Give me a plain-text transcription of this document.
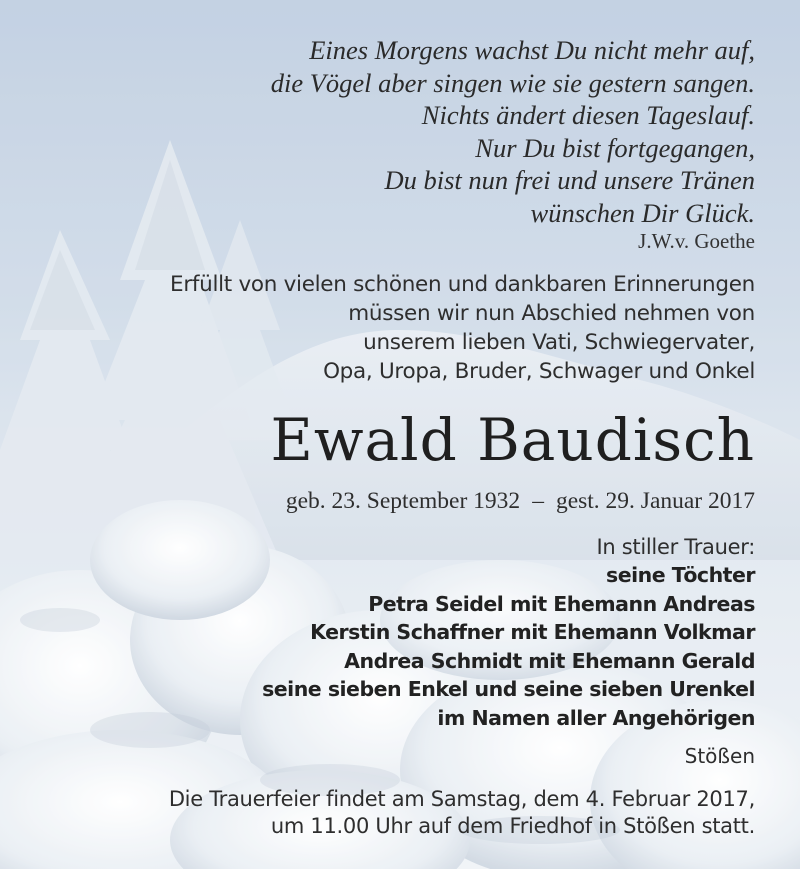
Eines Morgens wachst Du nicht mehr auf,
die Vögel aber singen wie sie gestern sangen.
Nichts ändert diesen Tageslauf.
Nur Du bist fortgegangen,
Du bist nun frei und unsere Tränen
wünschen Dir Glück.
J.W.v. Goethe
Erfüllt von vielen schönen und dankbaren Erinnerungen
müssen wir nun Abschied nehmen von
unserem lieben Vati, Schwiegervater,
Opa, Uropa, Bruder, Schwager und Onkel
Ewald Baudisch
geb. 23. September 1932 – gest. 29. Januar 2017
In stiller Trauer:
seine Töchter
Petra Seidel mit Ehemann Andreas
Kerstin Schaffner mit Ehemann Volkmar
Andrea Schmidt mit Ehemann Gerald
seine sieben Enkel und seine sieben Urenkel
im Namen aller Angehörigen
Stößen
Die Trauerfeier findet am Samstag, dem 4. Februar 2017,
um 11.00 Uhr auf dem Friedhof in Stößen statt.
